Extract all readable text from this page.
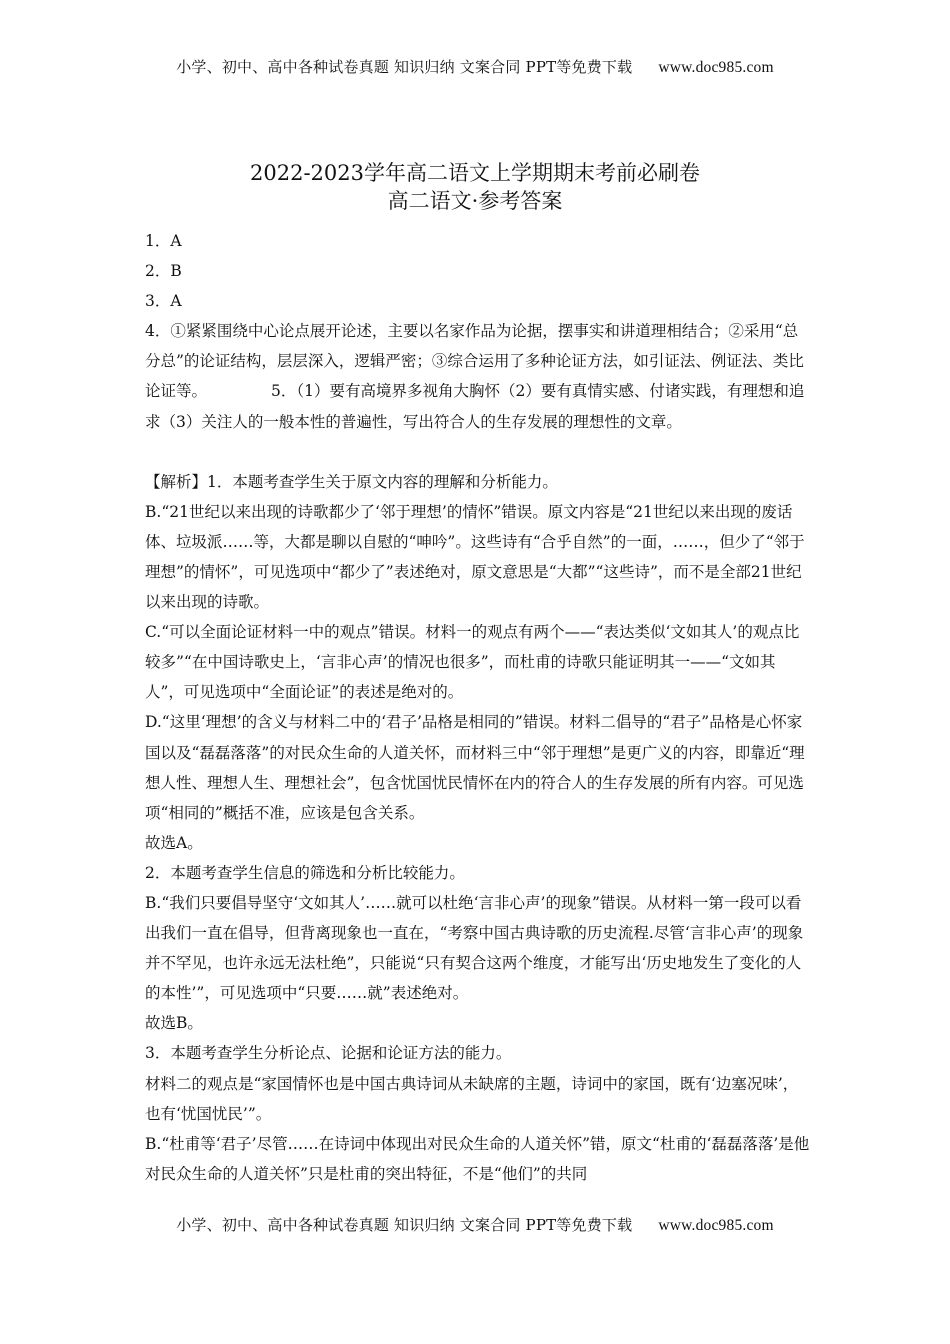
小学、初中、高中各种试卷真题 知识归纳 文案合同 PPT等免费下载 www.doc985.com
2022-2023学年高二语文上学期期末考前必刷卷
高二语文·参考答案

1．A

2．B

3．A

4．①紧紧围绕中心论点展开论述，主要以名家作品为论据，摆事实和讲道理相结合；②采用“总分总”的论证结构，层层深入，逻辑严密；③综合运用了多种论证方法，如引证法、例证法、类比论证等。	5．（1）要有高境界多视角大胸怀（2）要有真情实感、付诸实践，有理想和追求（3）关注人的一般本性的普遍性，写出符合人的生存发展的理想性的文章。

【解析】1．本题考查学生关于原文内容的理解和分析能力。

B.“21世纪以来出现的诗歌都少了‘邻于理想’的情怀”错误。原文内容是“21世纪以来出现的废话体、垃圾派……等，大都是聊以自慰的“呻吟”。这些诗有“合乎自然”的一面，……，但少了“邻于理想”的情怀”，可见选项中“都少了”表述绝对，原文意思是“大都”“这些诗”，而不是全部21世纪以来出现的诗歌。

C.“可以全面论证材料一中的观点”错误。材料一的观点有两个——“表达类似‘文如其人’的观点比较多”“在中国诗歌史上，‘言非心声’的情况也很多”，而杜甫的诗歌只能证明其一——“文如其人”，可见选项中“全面论证”的表述是绝对的。

D.“这里‘理想’的含义与材料二中的‘君子’品格是相同的”错误。材料二倡导的“君子”品格是心怀家国以及“磊磊落落”的对民众生命的人道关怀，而材料三中“邻于理想”是更广义的内容，即靠近“理想人性、理想人生、理想社会”，包含忧国忧民情怀在内的符合人的生存发展的所有内容。可见选项“相同的”概括不准，应该是包含关系。

故选A。

2．本题考查学生信息的筛选和分析比较能力。

B.“我们只要倡导坚守‘文如其人’……就可以杜绝‘言非心声’的现象”错误。从材料一第一段可以看出我们一直在倡导，但背离现象也一直在，“考察中国古典诗歌的历史流程.尽管‘言非心声’的现象并不罕见，也许永远无法杜绝”，只能说“只有契合这两个维度，才能写出‘历史地发生了变化的人的本性’”，可见选项中“只要……就”表述绝对。

故选B。

3．本题考查学生分析论点、论据和论证方法的能力。

材料二的观点是“家国情怀也是中国古典诗词从未缺席的主题，诗词中的家国，既有‘边塞况味’，也有‘忧国忧民’”。

B.“杜甫等‘君子’尽管……在诗词中体现出对民众生命的人道关怀”错，原文“杜甫的‘磊磊落落’是他对民众生命的人道关怀”只是杜甫的突出特征，不是“他们”的共同

小学、初中、高中各种试卷真题 知识归纳 文案合同 PPT等免费下载 www.doc985.com
